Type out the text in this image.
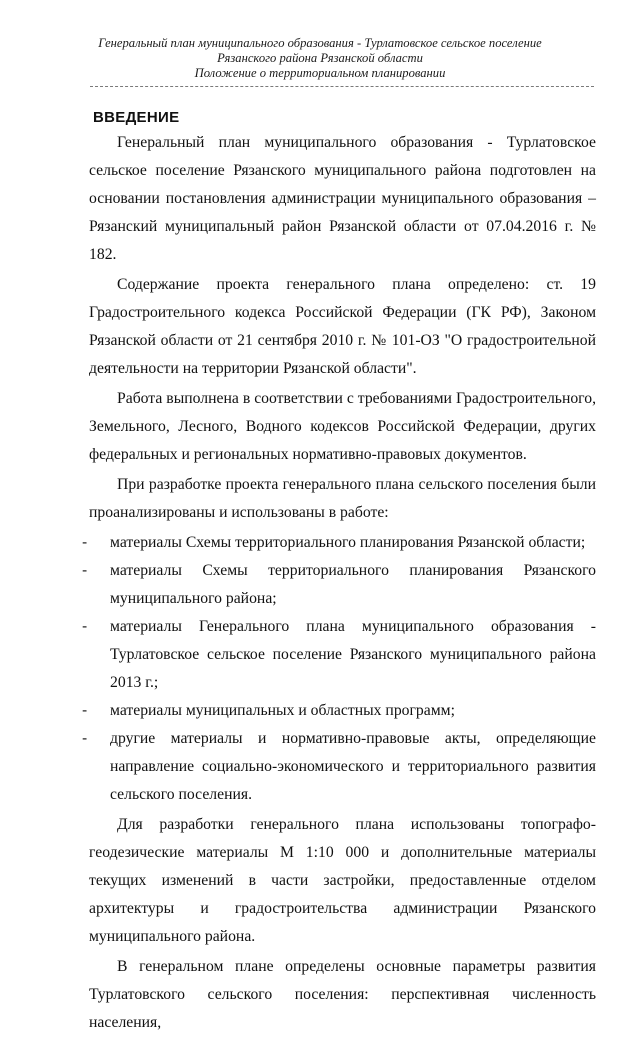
Генеральный план муниципального образования - Турлатовское сельское поселение
Рязанского района Рязанской области
Положение о территориальном планировании
ВВЕДЕНИЕ

Генеральный план муниципального образования - Турлатовское сельское поселение Рязанского муниципального района подготовлен на основании постановления администрации муниципального образования – Рязанский муниципальный район Рязанской области от 07.04.2016 г. № 182.

Содержание проекта генерального плана определено: ст. 19 Градостроительного кодекса Российской Федерации (ГК РФ), Законом Рязанской области от 21 сентября 2010 г. № 101-ОЗ "О градостроительной деятельности на территории Рязанской области".

Работа выполнена в соответствии с требованиями Градостроительного, Земельного, Лесного, Водного кодексов Российской Федерации, других федеральных и региональных нормативно-правовых документов.

При разработке проекта генерального плана сельского поселения были проанализированы и использованы в работе:

-	материалы Схемы территориального планирования Рязанской области;
-	материалы Схемы территориального планирования Рязанского муниципального района;
-	материалы Генерального плана муниципального образования - Турлатовское сельское поселение Рязанского муниципального района 2013 г.;
-	материалы муниципальных и областных программ;
-	другие материалы и нормативно-правовые акты, определяющие направление социально-экономического и территориального развития сельского поселения.

Для разработки генерального плана использованы топографо-геодезические материалы М 1:10 000 и дополнительные материалы текущих изменений в части застройки, предоставленные отделом архитектуры и градостроительства администрации Рязанского муниципального района.

В генеральном плане определены основные параметры развития Турлатовского сельского поселения: перспективная численность населения,
